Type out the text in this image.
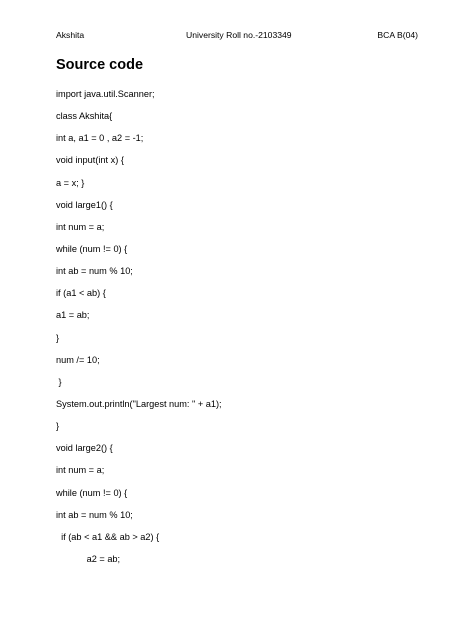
Akshita	University Roll no.-2103349	BCA B(04)
Source code
import java.util.Scanner;
class Akshita{
int a, a1 = 0 , a2 = -1;
void input(int x) {
a = x; }
void large1() {
int num = a;
while (num != 0) {
int ab = num % 10;
if (a1 < ab) {
a1 = ab;
}
num /= 10;
}
System.out.println("Largest num: " + a1);
}
void large2() {
int num = a;
while (num != 0) {
int ab = num % 10;
if (ab < a1 && ab > a2) {
a2 = ab;
